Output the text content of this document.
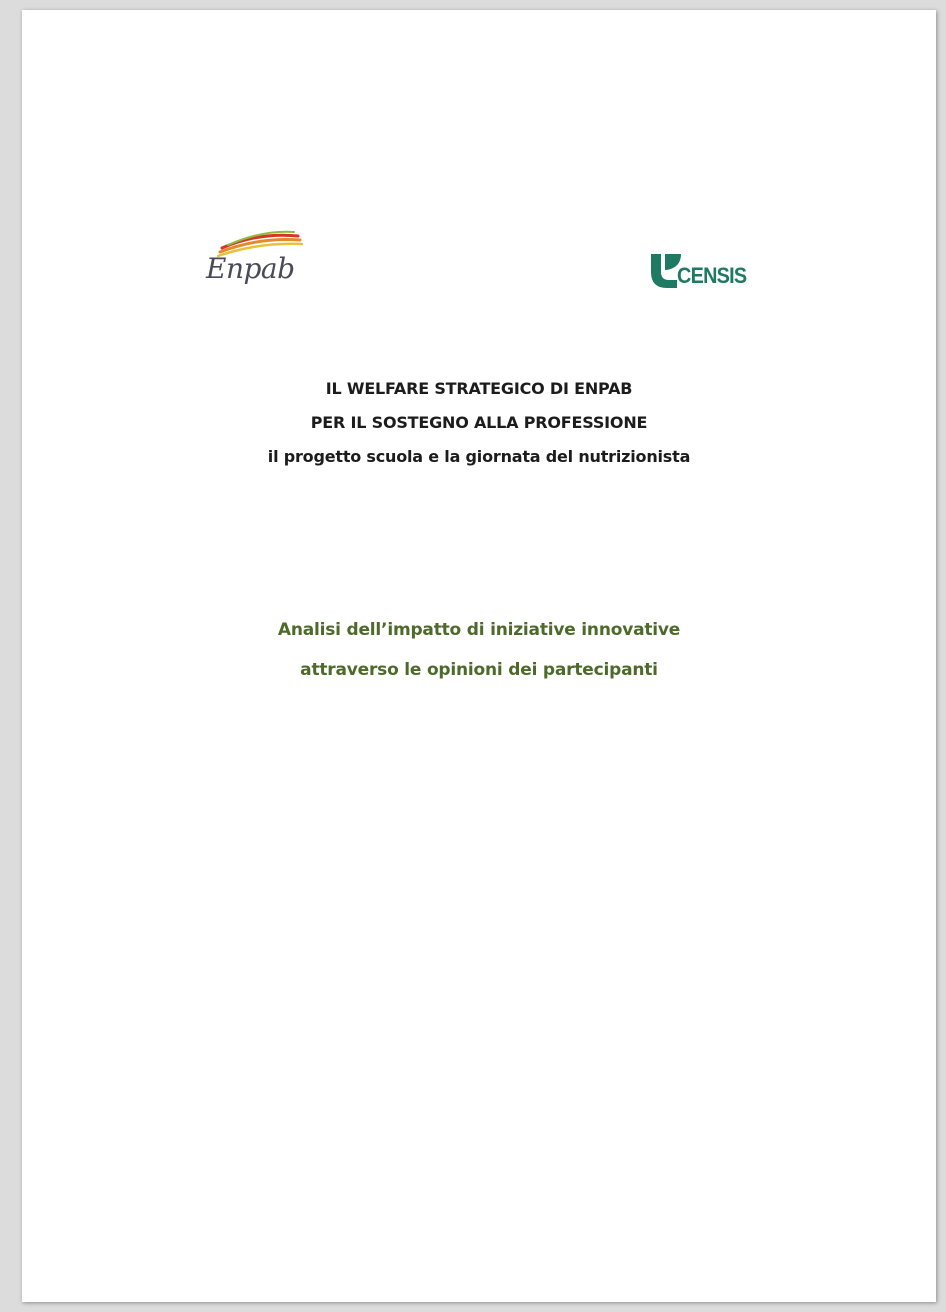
Enpab	CENSIS
IL WELFARE STRATEGICO DI ENPAB
PER IL SOSTEGNO ALLA PROFESSIONE
il progetto scuola e la giornata del nutrizionista
Analisi dell’impatto di iniziative innovative
attraverso le opinioni dei partecipanti
